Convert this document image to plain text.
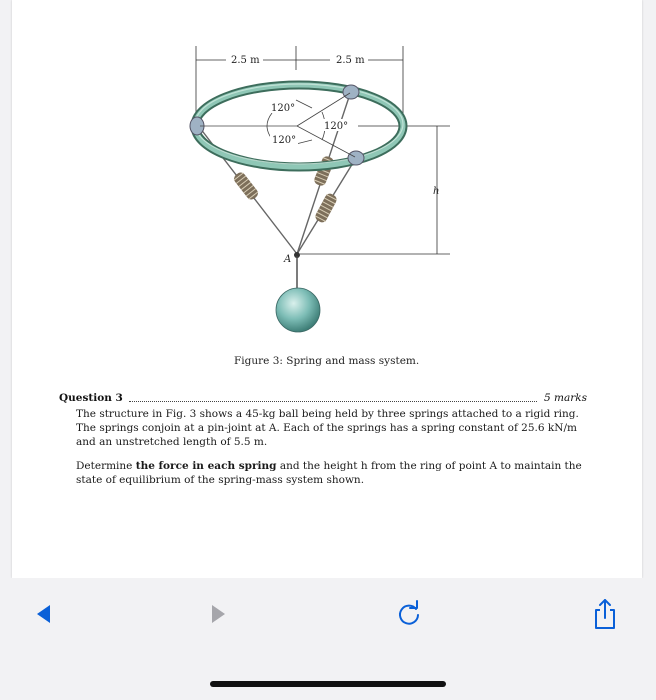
2.5 m	2.5 m
h
120°
120°
120°
A
Figure 3: Spring and mass system.
Question 3	5 marks
The structure in Fig. 3 shows a 45-kg ball being held by three springs attached to a rigid ring. The springs conjoin at a pin-joint at A. Each of the springs has a spring constant of 25.6 kN/m and an unstretched length of 5.5 m.
Determine the force in each spring and the height h from the ring of point A to maintain the state of equilibrium of the spring-mass system shown.
